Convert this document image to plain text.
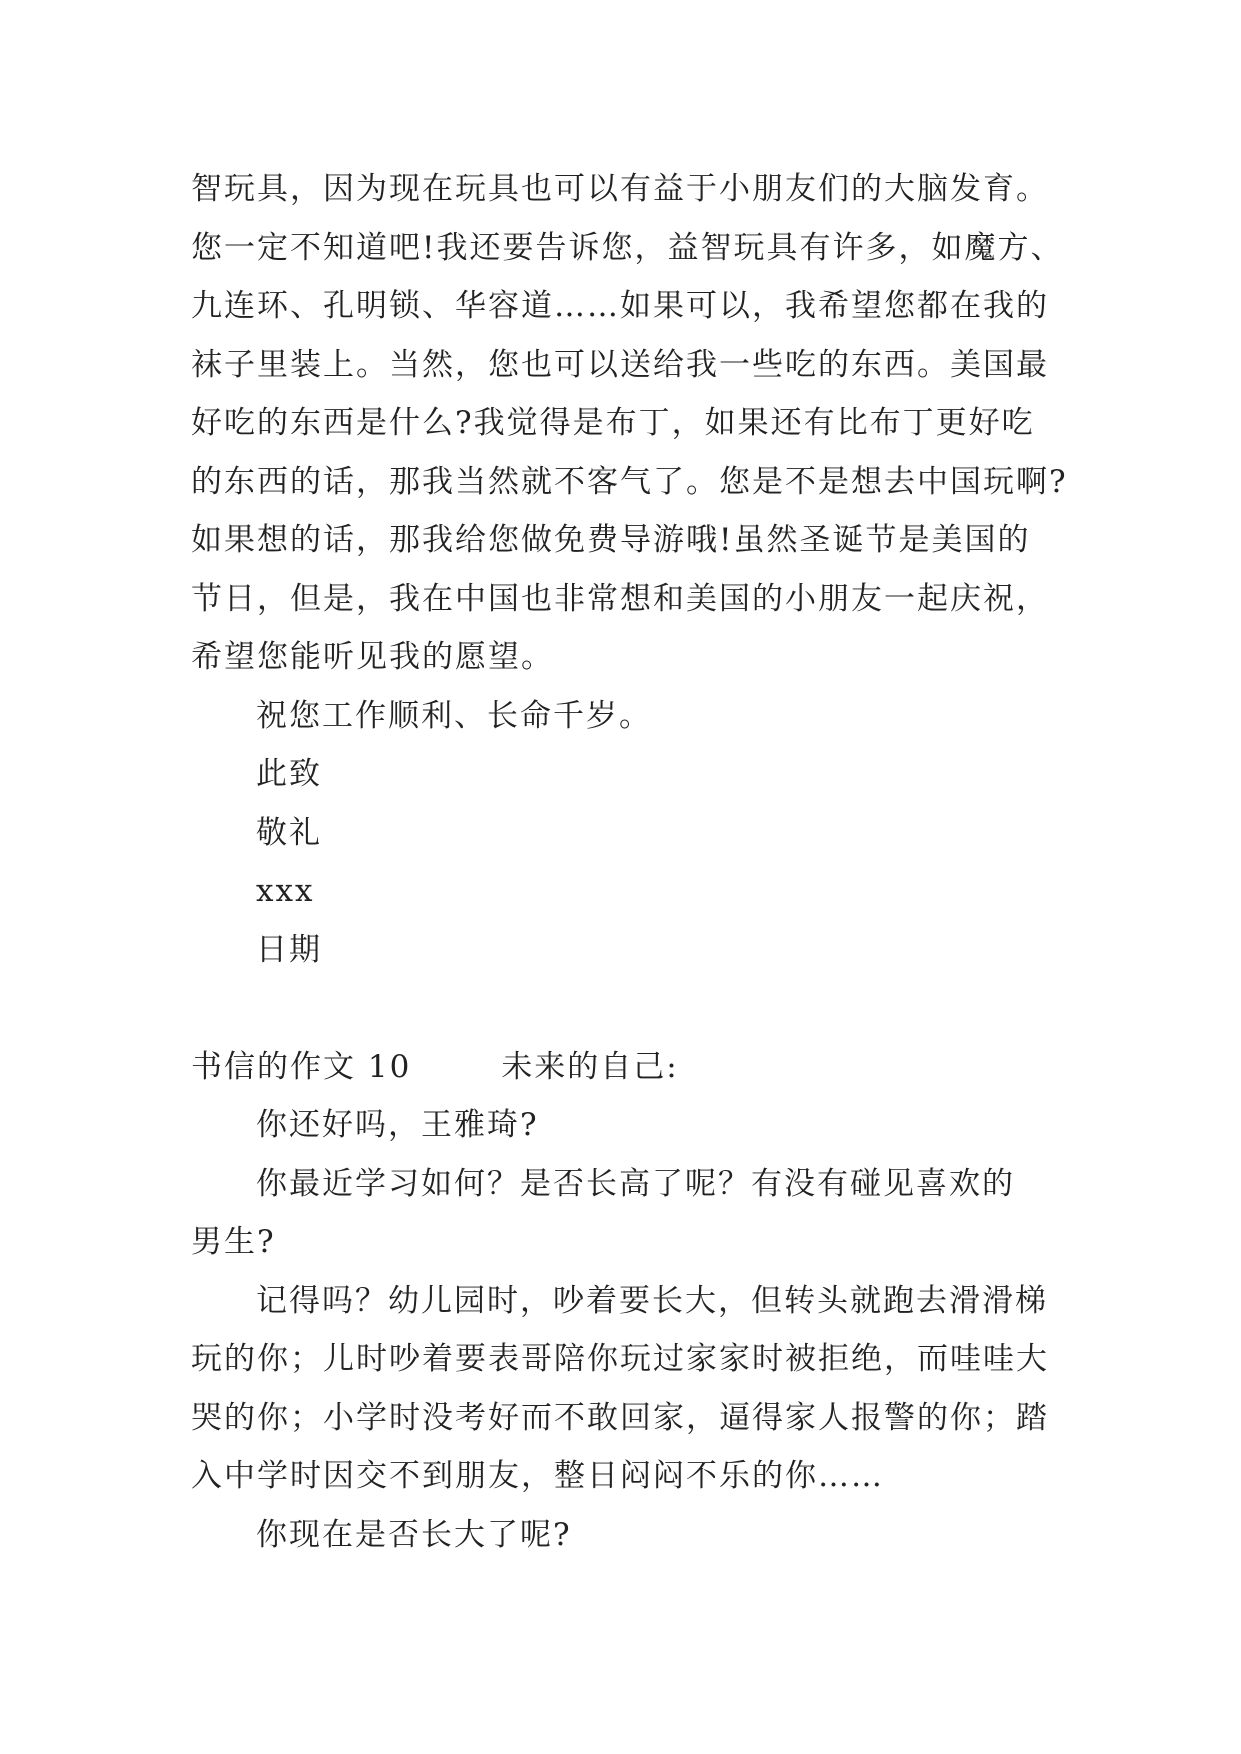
智玩具，因为现在玩具也可以有益于小朋友们的大脑发育。
您一定不知道吧!我还要告诉您，益智玩具有许多，如魔方、
九连环、孔明锁、华容道……如果可以，我希望您都在我的
袜子里装上。当然，您也可以送给我一些吃的东西。美国最
好吃的东西是什么?我觉得是布丁，如果还有比布丁更好吃
的东西的话，那我当然就不客气了。您是不是想去中国玩啊?
如果想的话，那我给您做免费导游哦!虽然圣诞节是美国的
节日，但是，我在中国也非常想和美国的小朋友一起庆祝，
希望您能听见我的愿望。
祝您工作顺利、长命千岁。
此致
敬礼
xxx
日期
书信的作文 10	未来的自己:
你还好吗，王雅琦?
你最近学习如何？是否长高了呢？有没有碰见喜欢的
男生?
记得吗？幼儿园时，吵着要长大，但转头就跑去滑滑梯
玩的你；儿时吵着要表哥陪你玩过家家时被拒绝，而哇哇大
哭的你；小学时没考好而不敢回家，逼得家人报警的你；踏
入中学时因交不到朋友，整日闷闷不乐的你……
你现在是否长大了呢?
